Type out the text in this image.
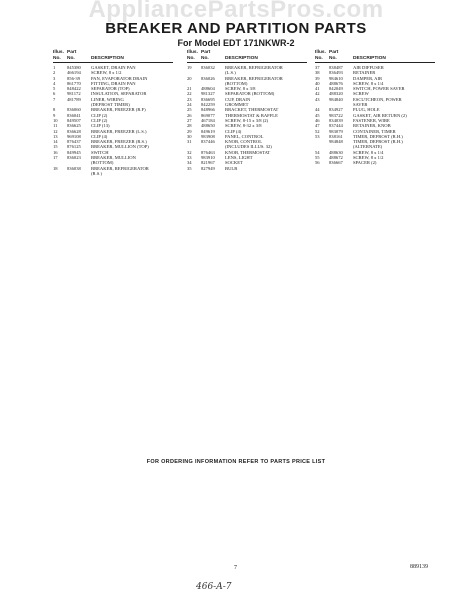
AppliancePartsPros.com
BREAKER AND PARTITION PARTS
For Model EDT 171NKWR-2
Illus.
No.
Part
No.
	DESCRIPTION
1	845380	GASKET, DRAIN PAN
2	466194	SCREW, 8 x 1/2
3	856-39	PAN, EVAPORATOR DRAIN
4	861770	FITTING, DRAIN PAN
5	848422	SEPARATOR (TOP)
6	981172	INSULATION, SEPARATOR
7	481789	LINER, WIRING
(DEFROST TIMER)
8	836060	BREAKER, FREEZER (R.F)
9	836041	CLIP (2)
10	849507	CLIP (2)
11	836625	CLIP (13)
12	836628	BREAKER, FREEZER (L.S.)
13	969108	CLIP (4)
14	876437	BREAKER, FREEZER (R.S.)
15	876125	BREAKER, MULLION (TOP)
16	849945	SWITCH
17	836023	BREAKER, MULLION
(BOTTOM)
18	836038	BREAKER, REFRIGERATOR
(R.S.)
Illus.
No.
Part
No.
	DESCRIPTION
19	836032	BREAKER, REFRIGERATOR
(L.S.)
20	836026	BREAKER, REFRIGERATOR
(BOTTOM)
21	488604	SCREW, 8 x 3/8
22	981327	SEPARATOR (BOTTOM)
23	836695	CUP, DRAIN
24	842259	GROMMET
25	848966	BRACKET, THERMOSTAT
26	869077	THERMOSTAT & BAFFLE
27	467184	SCREW, 8-15 x 3/8 (2)
28	488650	SCREW, 8-32 x 3/8
29	849619	CLIP (4)
30	983908	PANEL, CONTROL
31	837446	KNOB, CONTROL
(INCLUDES ILLUS. 32)
32	876463	KNOB, THERMOSTAT
33	983910	LENS, LIGHT
34	821967	SOCKET
35	827949	BULB
Illus.
No.
Part
No.
	DESCRIPTION
37	838487	AIR DIFFUSER
38	836493	RETAINER
39	984610	DAMPER, AIR
40	488676	SCREW, 8 x 1/4
41	842049	SWITCH, POWER SAVER
42	488320	SCREW
43	984840	ESCUTCHEON, POWER
SAVER
44	834927	PLUG, HOLE
45	983722	GASKET, AIR RETURN (2)
46	834039	FASTENER, WIRE
47	837444	RETAINER, KNOB
52	983079	CONTAINER, TIMER
53	838161	TIMER, DEFROST (R.H.)
984848	TIMER, DEFROST (R.H.)
(ALTERNATE)
54	488630	SCREW, 8 x 1/4
55	488672	SCREW, 8 x 1/2
56	836667	SPACER (2)
FOR ORDERING INFORMATION REFER TO PARTS PRICE LIST
7	889139
466-A-7
